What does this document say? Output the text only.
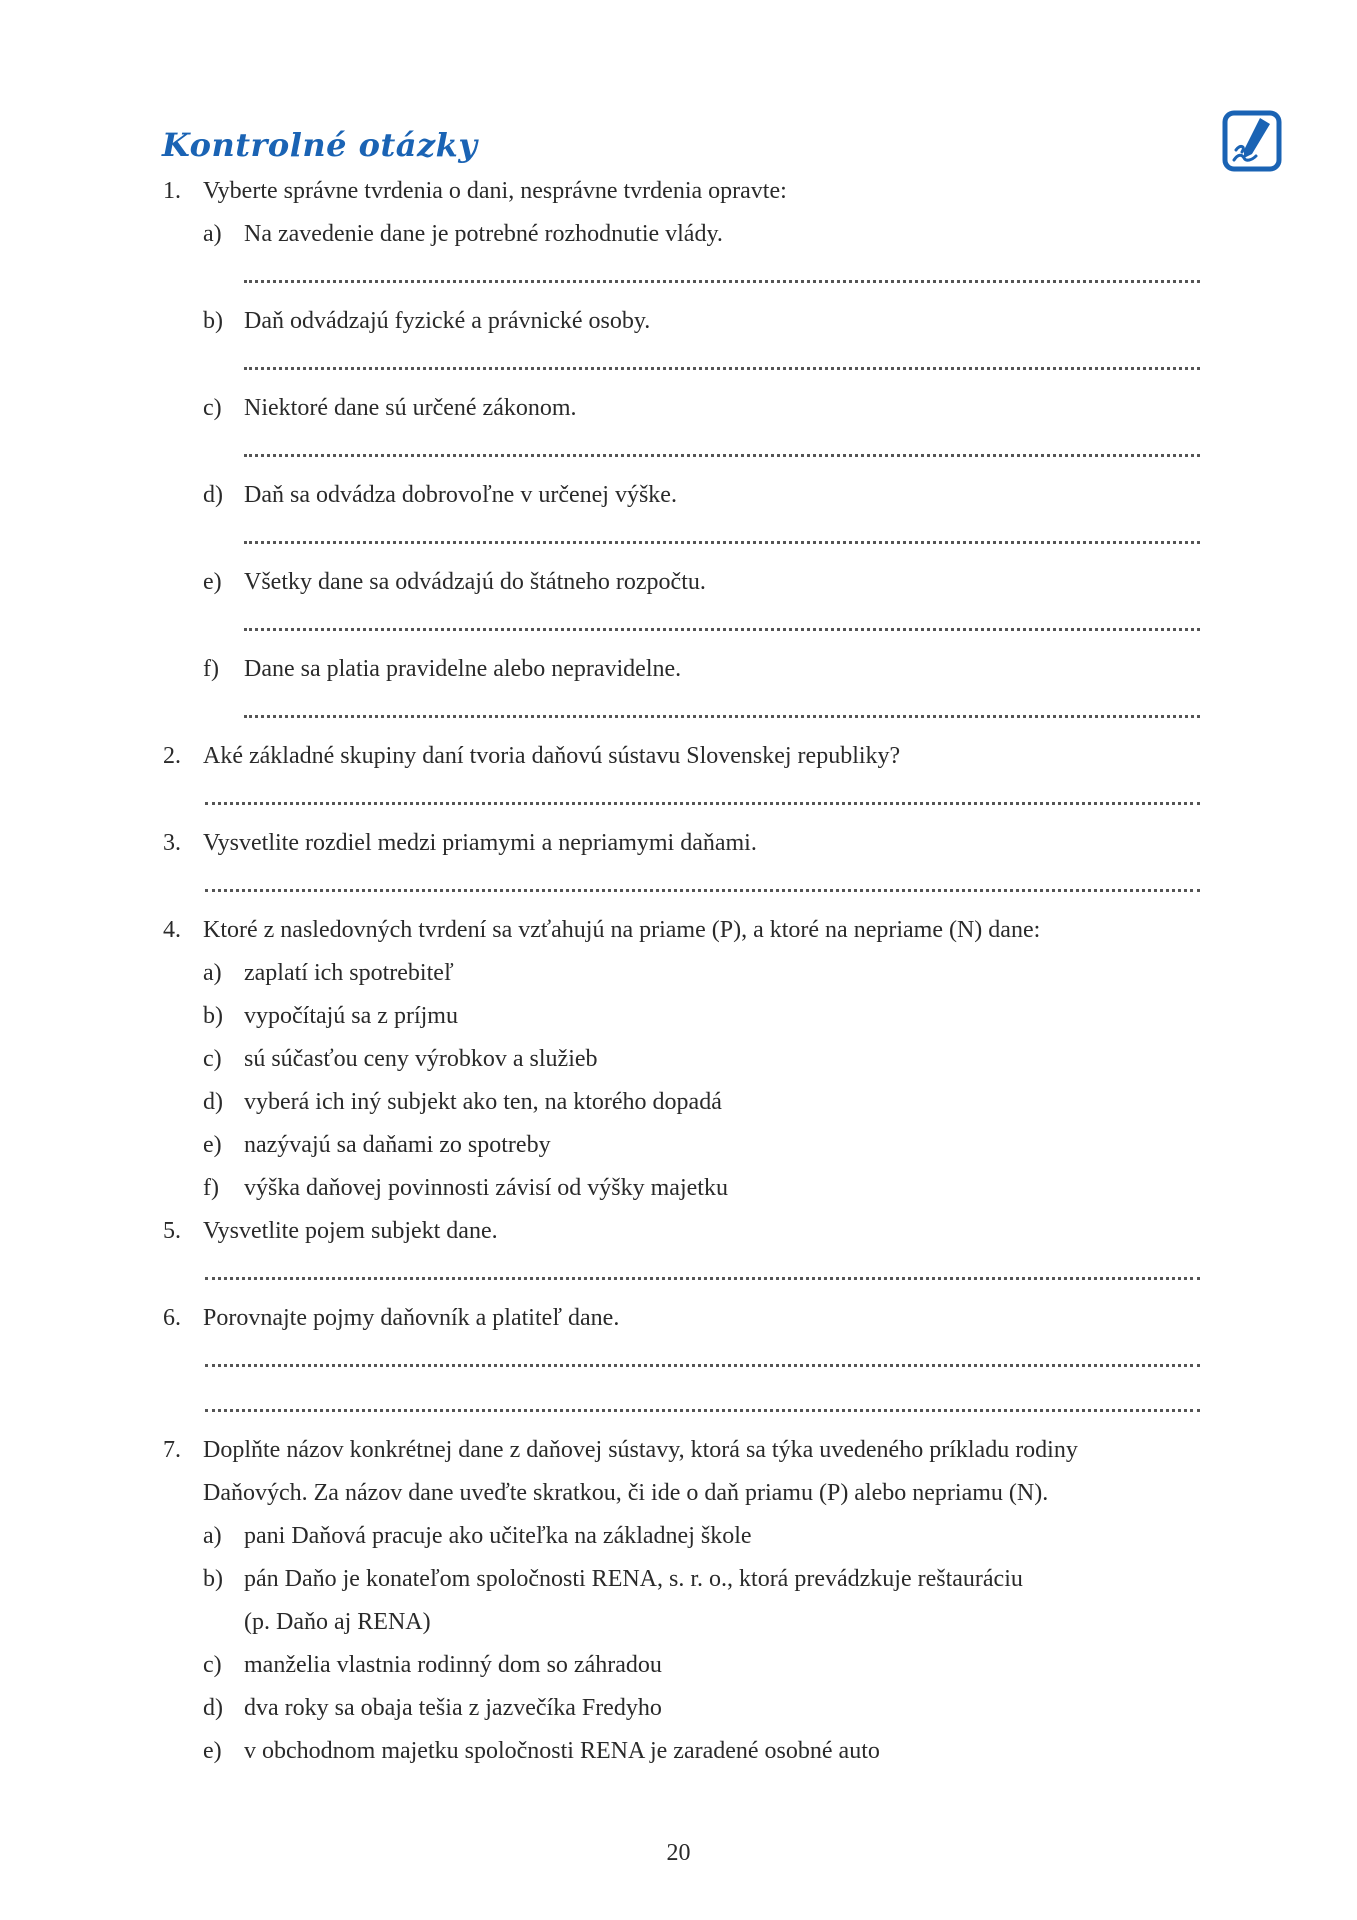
Kontrolné otázky
1. Vyberte správne tvrdenia o dani, nesprávne tvrdenia opravte:
a) Na zavedenie dane je potrebné rozhodnutie vlády.
b) Daň odvádzajú fyzické a právnické osoby.
c) Niektoré dane sú určené zákonom.
d) Daň sa odvádza dobrovoľne v určenej výške.
e) Všetky dane sa odvádzajú do štátneho rozpočtu.
f) Dane sa platia pravidelne alebo nepravidelne.
2. Aké základné skupiny daní tvoria daňovú sústavu Slovenskej republiky?
3. Vysvetlite rozdiel medzi priamymi a nepriamymi daňami.
4. Ktoré z nasledovných tvrdení sa vzťahujú na priame (P), a ktoré na nepriame (N) dane:
a) zaplatí ich spotrebiteľ
b) vypočítajú sa z príjmu
c) sú súčasťou ceny výrobkov a služieb
d) vyberá ich iný subjekt ako ten, na ktorého dopadá
e) nazývajú sa daňami zo spotreby
f) výška daňovej povinnosti závisí od výšky majetku
5. Vysvetlite pojem subjekt dane.
6. Porovnajte pojmy daňovník a platiteľ dane.
7. Doplňte názov konkrétnej dane z daňovej sústavy, ktorá sa týka uvedeného príkladu rodiny
Daňových. Za názov dane uveďte skratkou, či ide o daň priamu (P) alebo nepriamu (N).
a) pani Daňová pracuje ako učiteľka na základnej škole
b) pán Daňo je konateľom spoločnosti RENA, s. r. o., ktorá prevádzkuje reštauráciu
(p. Daňo aj RENA)
c) manželia vlastnia rodinný dom so záhradou
d) dva roky sa obaja tešia z jazvečíka Fredyho
e) v obchodnom majetku spoločnosti RENA je zaradené osobné auto
20
